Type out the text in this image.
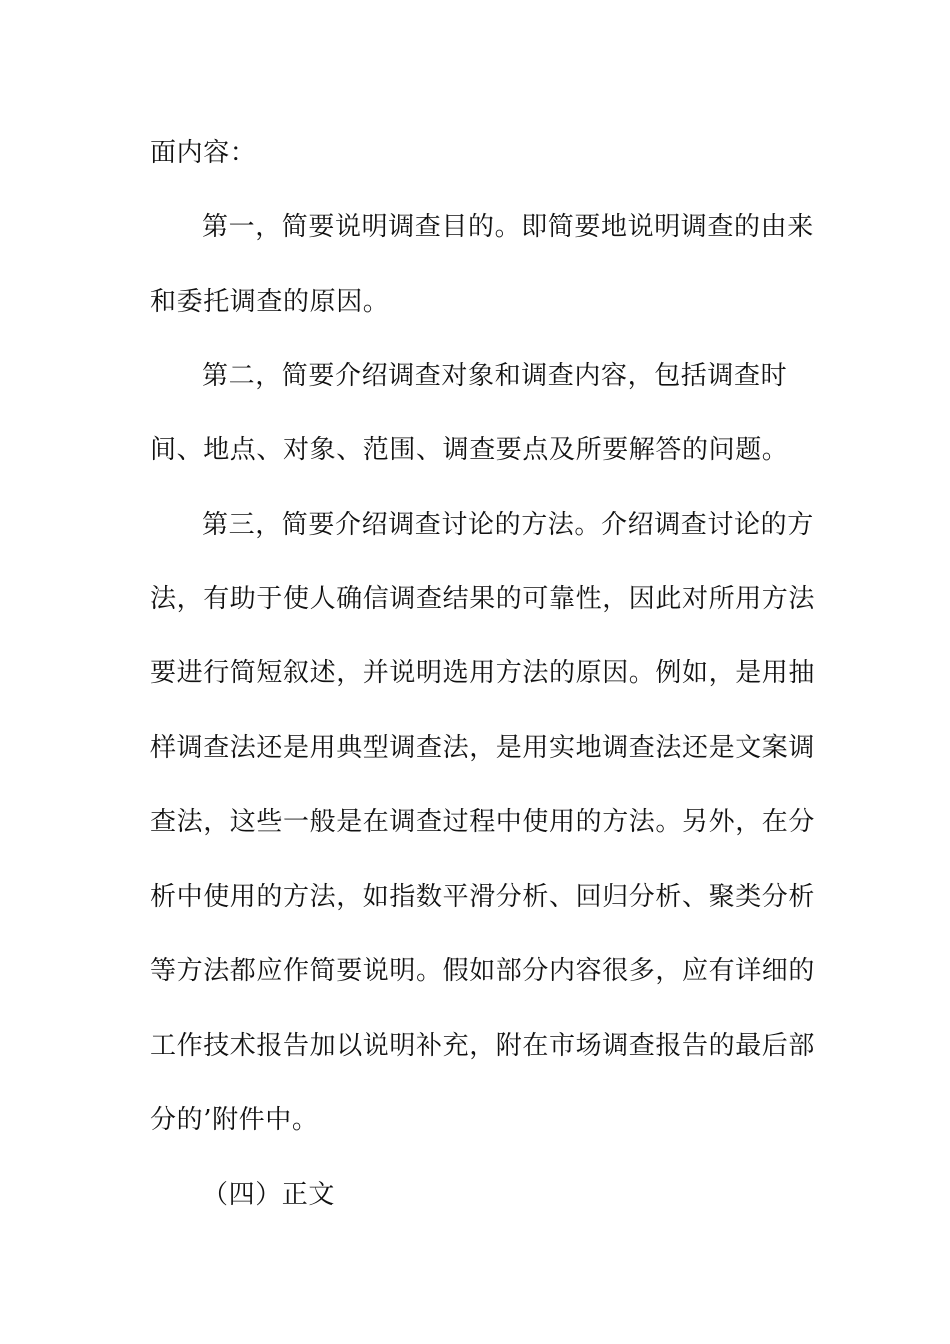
面内容：
第一，简要说明调查目的。即简要地说明调查的由来
和委托调查的原因。
第二，简要介绍调查对象和调查内容，包括调查时
间、地点、对象、范围、调查要点及所要解答的问题。
第三，简要介绍调查讨论的方法。介绍调查讨论的方
法，有助于使人确信调查结果的可靠性，因此对所用方法
要进行简短叙述，并说明选用方法的原因。例如，是用抽
样调查法还是用典型调查法，是用实地调查法还是文案调
查法，这些一般是在调查过程中使用的方法。另外，在分
析中使用的方法，如指数平滑分析、回归分析、聚类分析
等方法都应作简要说明。假如部分内容很多，应有详细的
工作技术报告加以说明补充，附在市场调查报告的最后部
分的’附件中。
（四）正文
